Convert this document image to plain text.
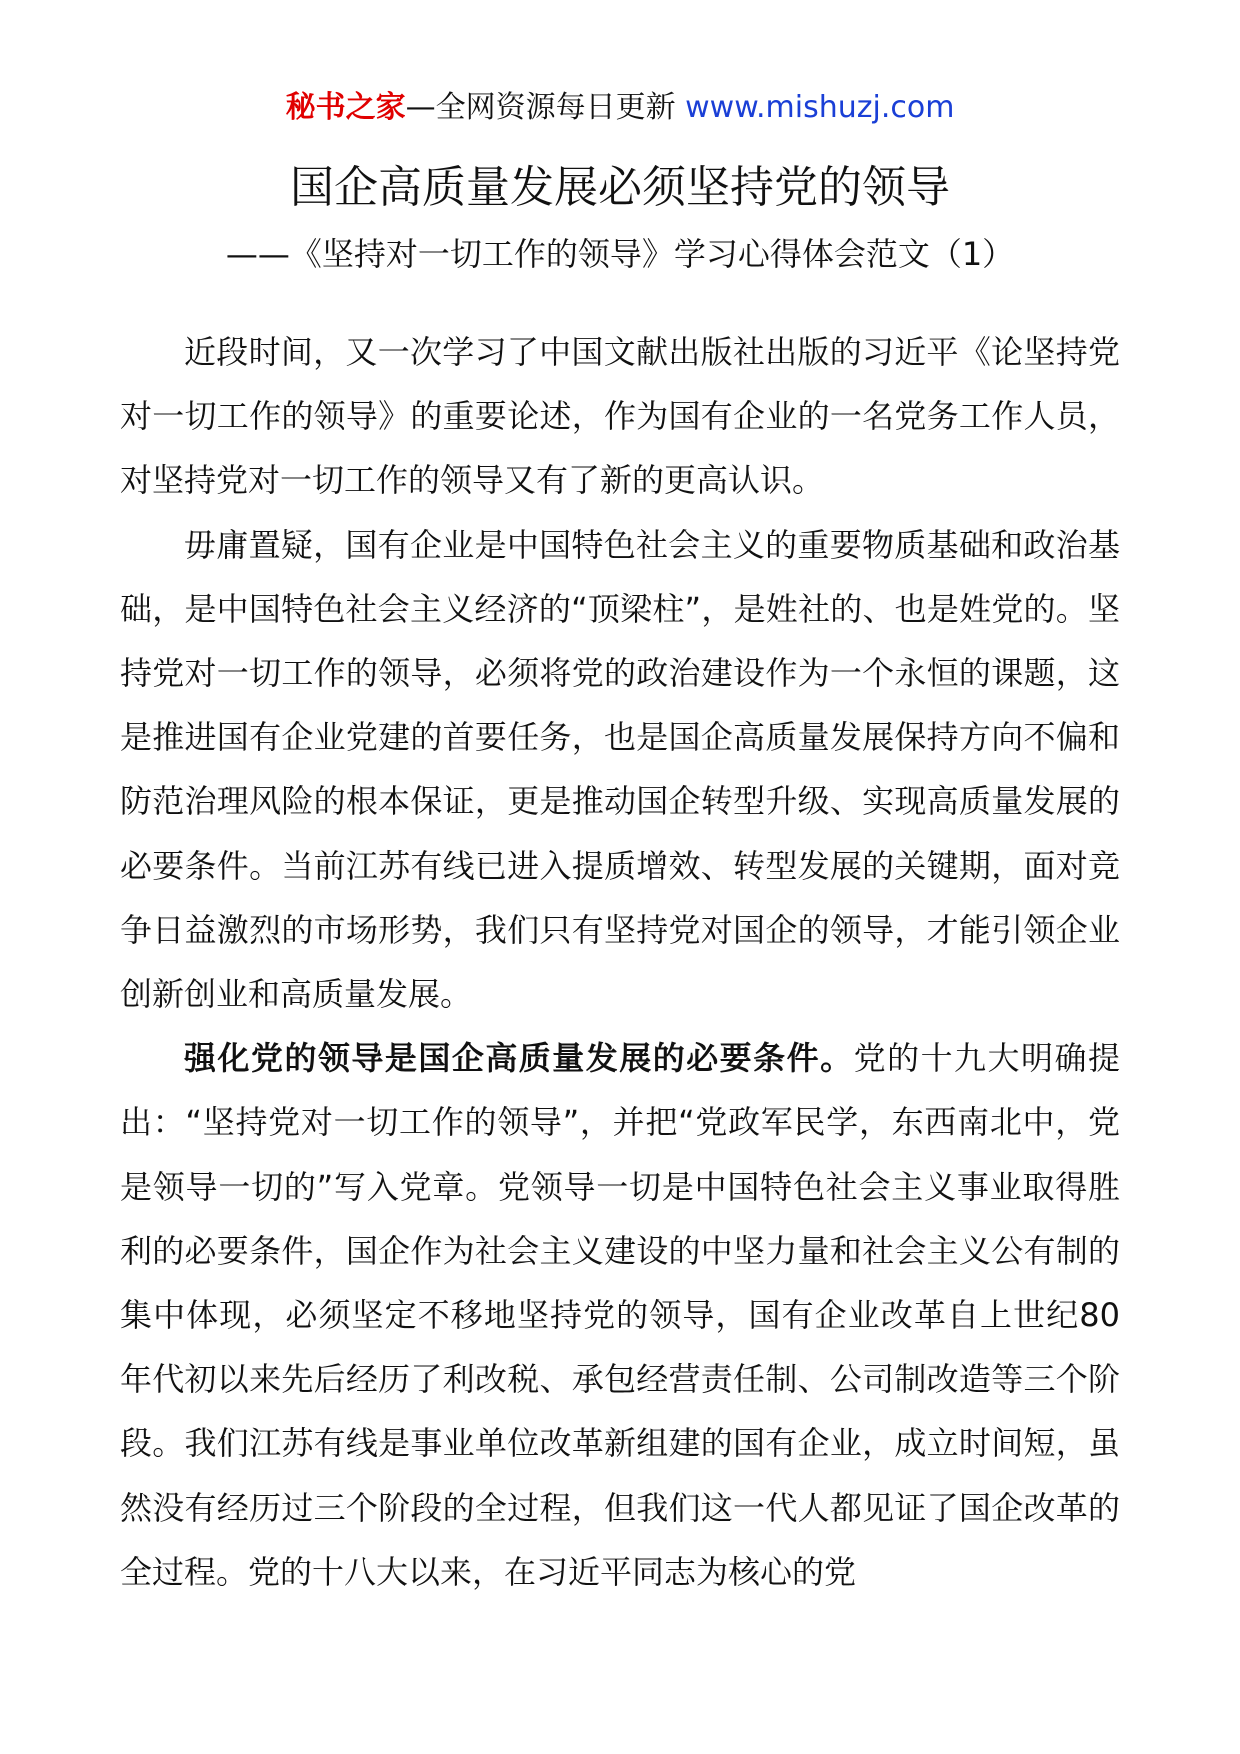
秘书之家—全网资源每日更新 www.mishuzj.com
国企高质量发展必须坚持党的领导
——《坚持对一切工作的领导》学习心得体会范文（1）

近段时间，又一次学习了中国文献出版社出版的习近平《论坚持党对一切工作的领导》的重要论述，作为国有企业的一名党务工作人员，对坚持党对一切工作的领导又有了新的更高认识。

毋庸置疑，国有企业是中国特色社会主义的重要物质基础和政治基础，是中国特色社会主义经济的“顶梁柱”，是姓社的、也是姓党的。坚持党对一切工作的领导，必须将党的政治建设作为一个永恒的课题，这是推进国有企业党建的首要任务，也是国企高质量发展保持方向不偏和防范治理风险的根本保证，更是推动国企转型升级、实现高质量发展的必要条件。当前江苏有线已进入提质增效、转型发展的关键期，面对竞争日益激烈的市场形势，我们只有坚持党对国企的领导，才能引领企业创新创业和高质量发展。

强化党的领导是国企高质量发展的必要条件。党的十九大明确提出：“坚持党对一切工作的领导”，并把“党政军民学，东西南北中，党是领导一切的”写入党章。党领导一切是中国特色社会主义事业取得胜利的必要条件，国企作为社会主义建设的中坚力量和社会主义公有制的集中体现，必须坚定不移地坚持党的领导，国有企业改革自上世纪80年代初以来先后经历了利改税、承包经营责任制、公司制改造等三个阶段。我们江苏有线是事业单位改革新组建的国有企业，成立时间短，虽然没有经历过三个阶段的全过程，但我们这一代人都见证了国企改革的全过程。党的十八大以来，在习近平同志为核心的党
